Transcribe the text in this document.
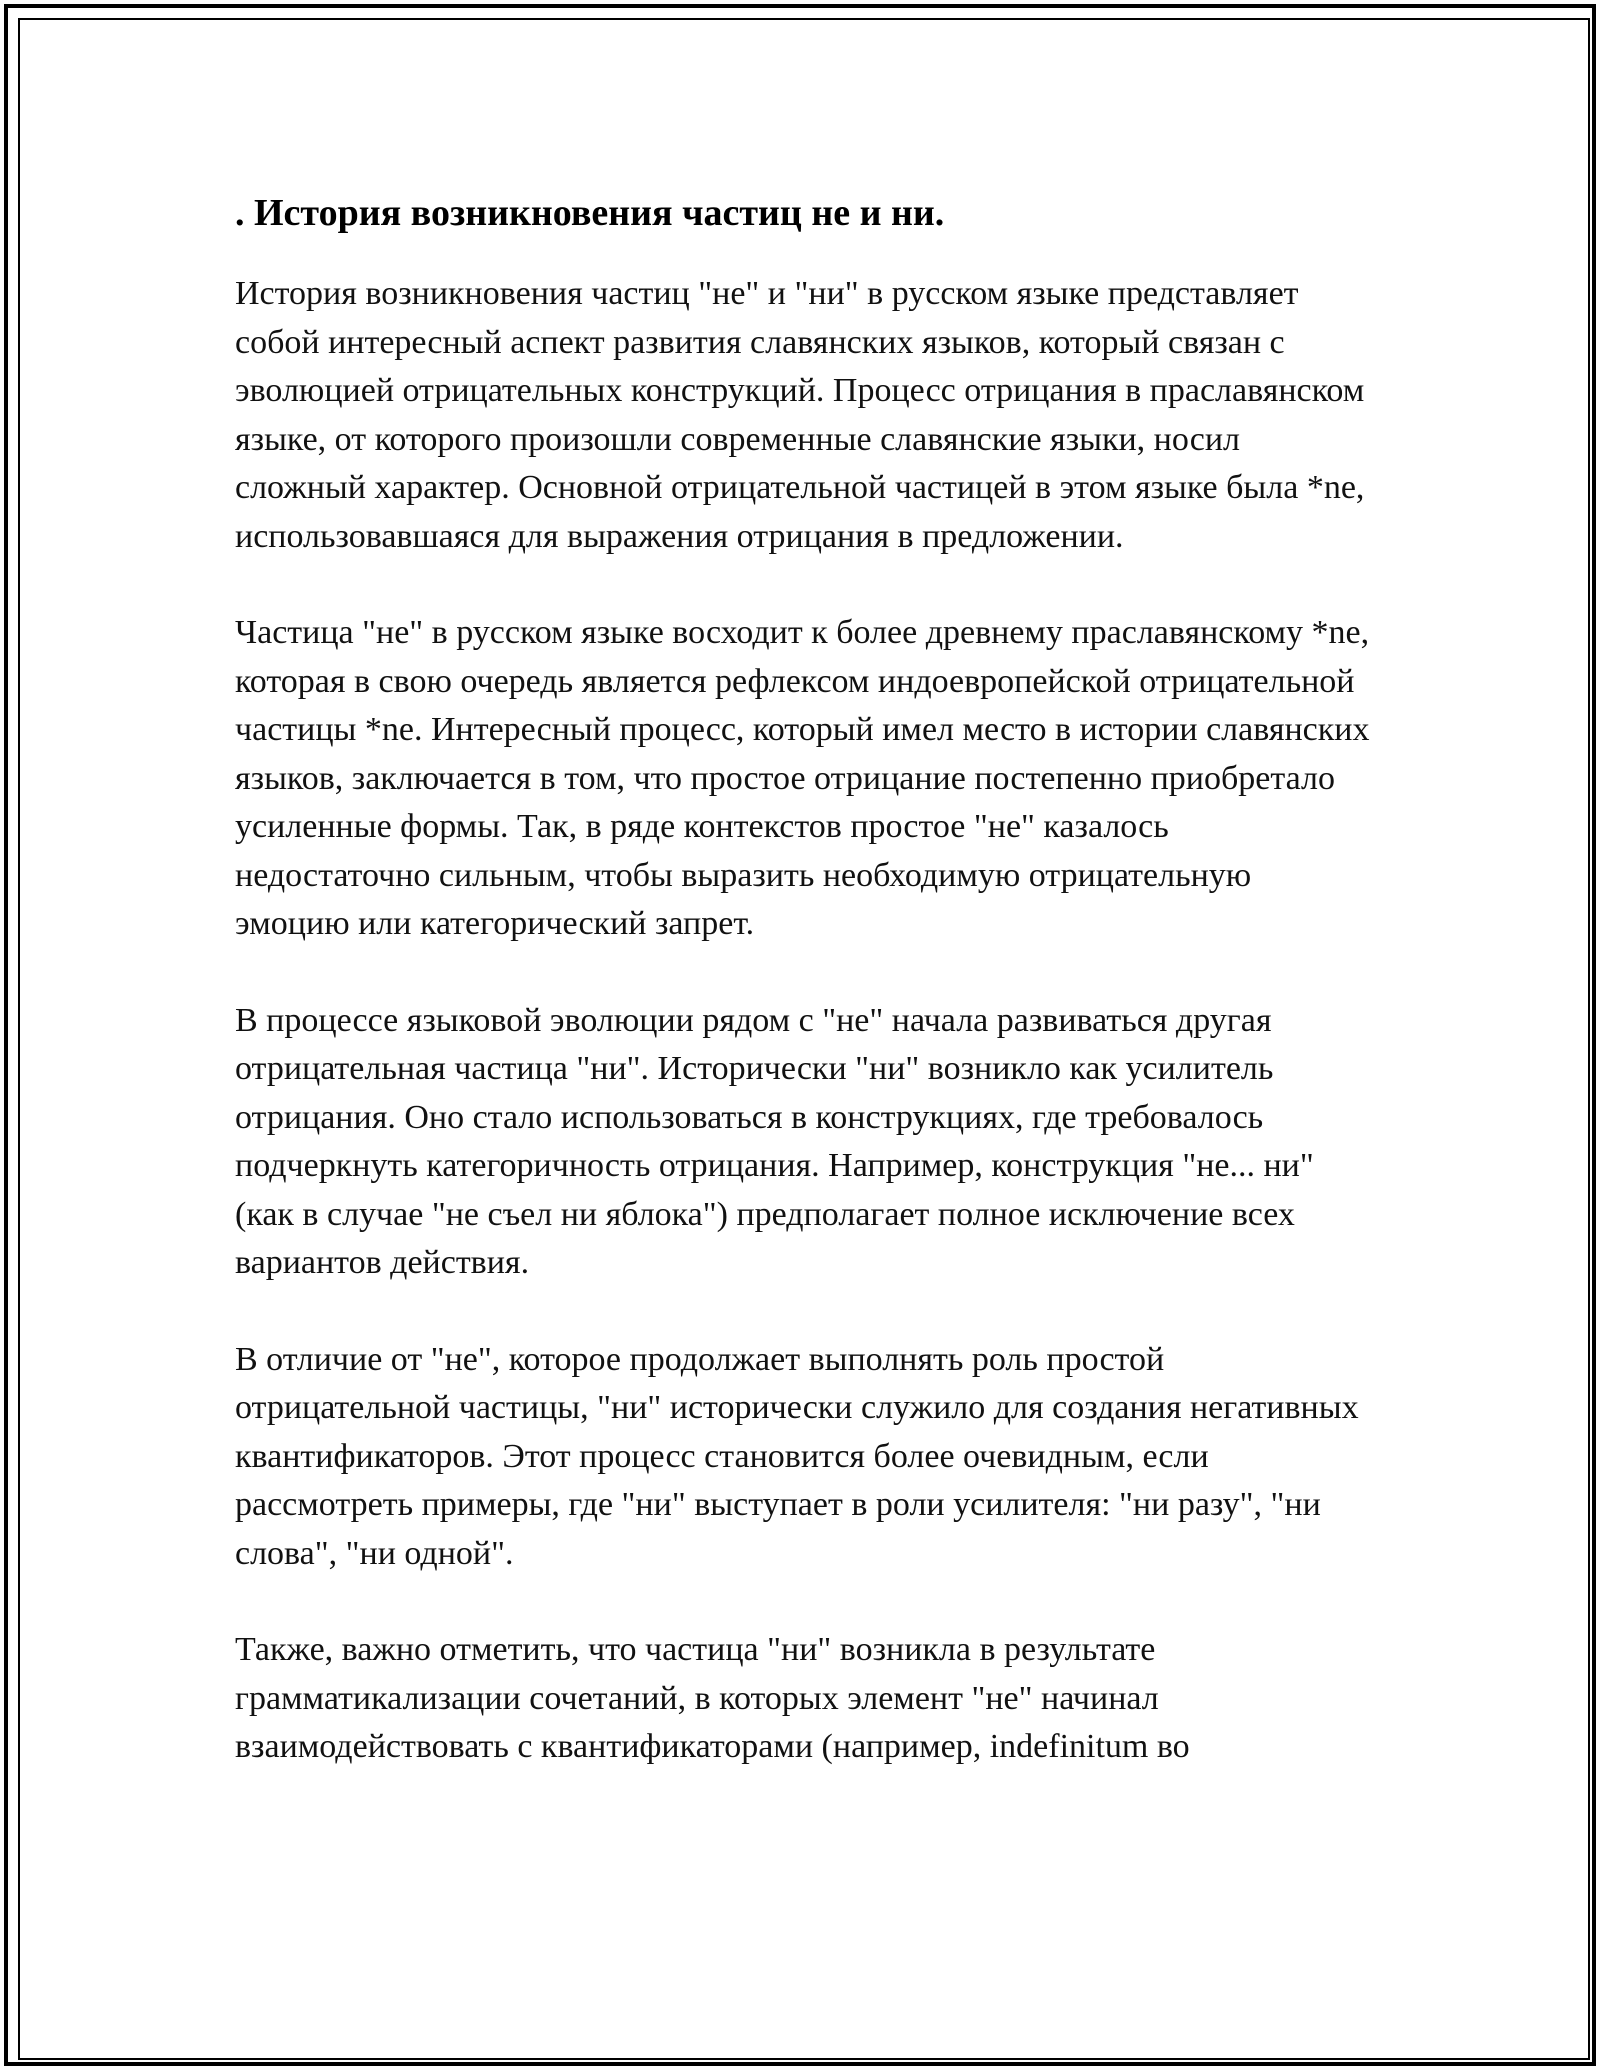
. История возникновения частиц не и ни.

История возникновения частиц "не" и "ни" в русском языке представляет собой интересный аспект развития славянских языков, который связан с эволюцией отрицательных конструкций. Процесс отрицания в праславянском языке, от которого произошли современные славянские языки, носил сложный характер. Основной отрицательной частицей в этом языке была *ne, использовавшаяся для выражения отрицания в предложении.

Частица "не" в русском языке восходит к более древнему праславянскому *ne, которая в свою очередь является рефлексом индоевропейской отрицательной частицы *ne. Интересный процесс, который имел место в истории славянских языков, заключается в том, что простое отрицание постепенно приобретало усиленные формы. Так, в ряде контекстов простое "не" казалось недостаточно сильным, чтобы выразить необходимую отрицательную эмоцию или категорический запрет.

В процессе языковой эволюции рядом с "не" начала развиваться другая отрицательная частица "ни". Исторически "ни" возникло как усилитель отрицания. Оно стало использоваться в конструкциях, где требовалось подчеркнуть категоричность отрицания. Например, конструкция "не... ни" (как в случае "не съел ни яблока") предполагает полное исключение всех вариантов действия.

В отличие от "не", которое продолжает выполнять роль простой отрицательной частицы, "ни" исторически служило для создания негативных квантификаторов. Этот процесс становится более очевидным, если рассмотреть примеры, где "ни" выступает в роли усилителя: "ни разу", "ни слова", "ни одной".

Также, важно отметить, что частица "ни" возникла в результате грамматикализации сочетаний, в которых элемент "не" начинал взаимодействовать с квантификаторами (например, indefinitum во
